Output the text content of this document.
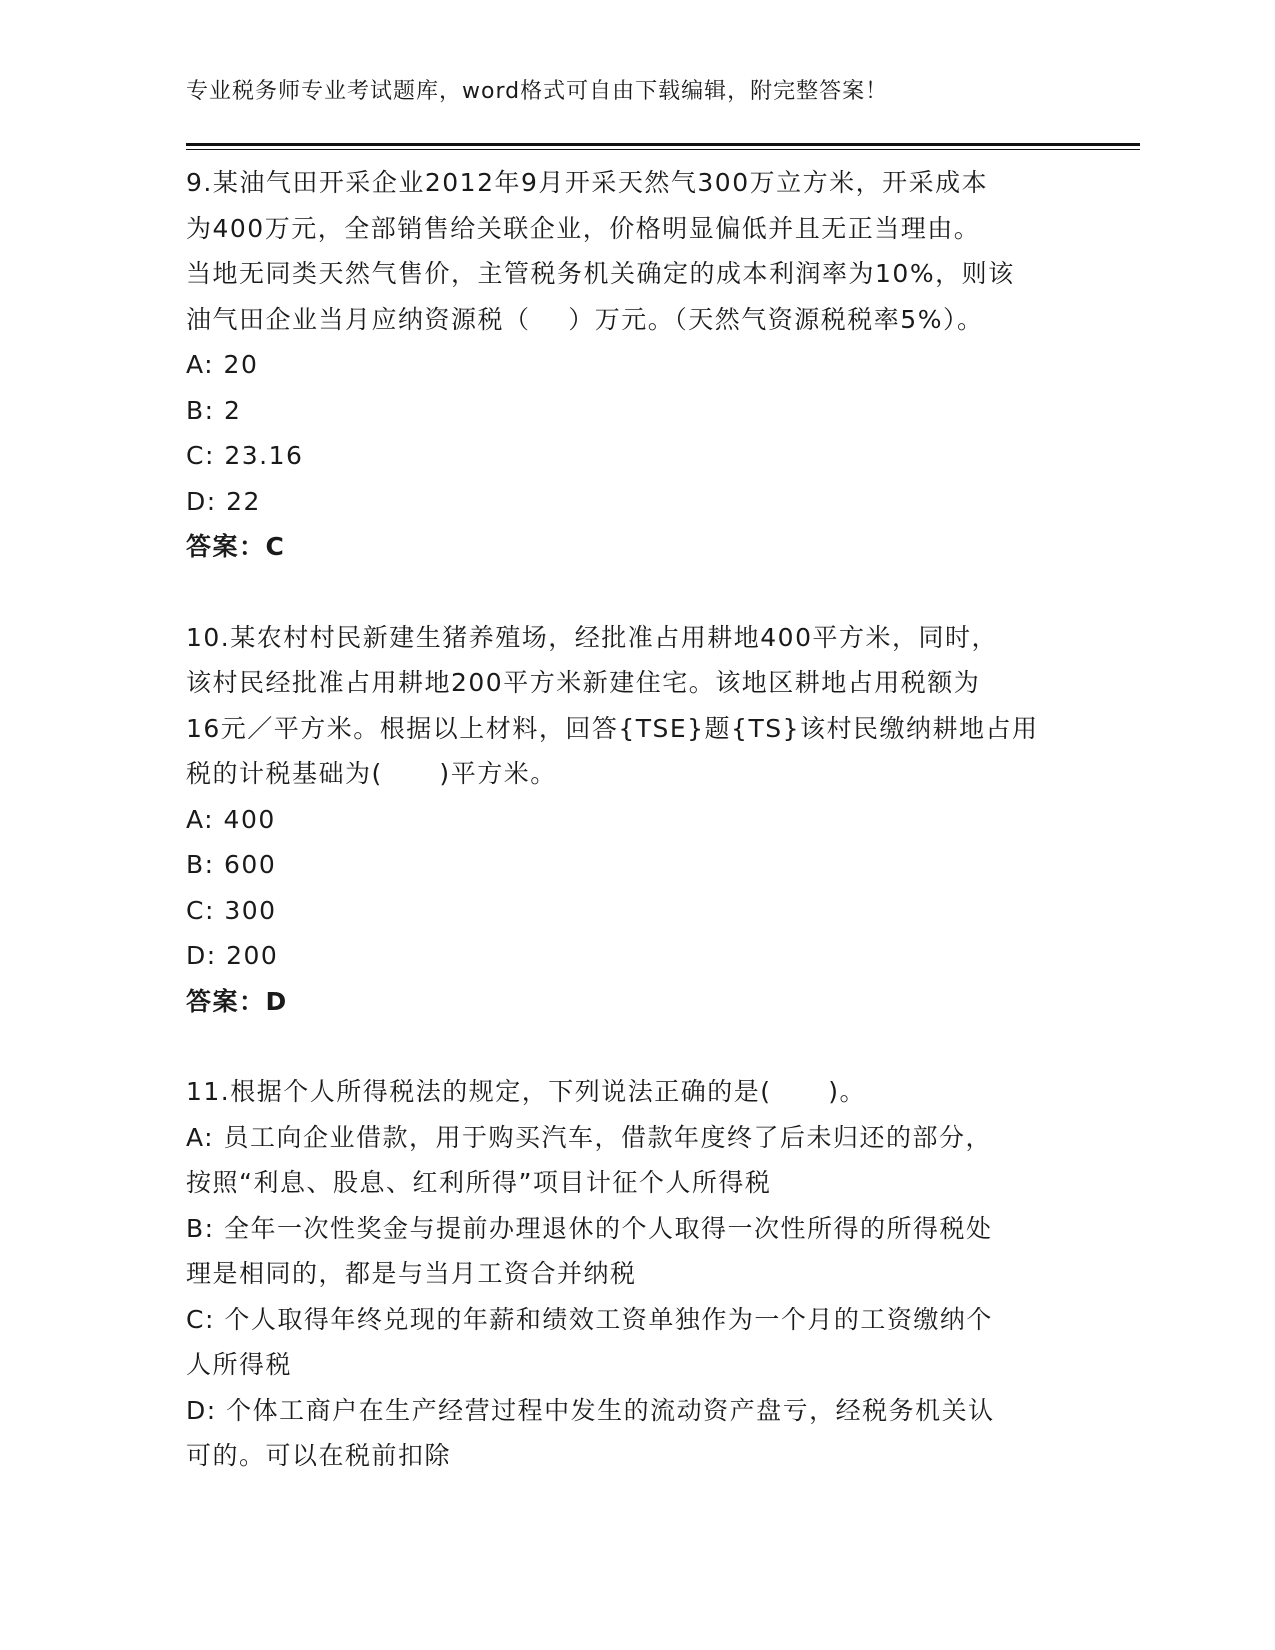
专业税务师专业考试题库，word格式可自由下载编辑，附完整答案！
9.某油气田开采企业2012年9月开采天然气300万立方米，开采成本
为400万元，全部销售给关联企业，价格明显偏低并且无正当理由。
当地无同类天然气售价，主管税务机关确定的成本利润率为10%，则该
油气田企业当月应纳资源税（    ）万元。（天然气资源税税率5%）。
A: 20
B: 2
C: 23.16
D: 22
答案：C
10.某农村村民新建生猪养殖场，经批准占用耕地400平方米，同时，
该村民经批准占用耕地200平方米新建住宅。该地区耕地占用税额为
16元／平方米。根据以上材料，回答{TSE}题{TS}该村民缴纳耕地占用
税的计税基础为(      )平方米。
A: 400
B: 600
C: 300
D: 200
答案：D
11.根据个人所得税法的规定，下列说法正确的是(      )。
A: 员工向企业借款，用于购买汽车，借款年度终了后未归还的部分，
按照“利息、股息、红利所得”项目计征个人所得税
B: 全年一次性奖金与提前办理退休的个人取得一次性所得的所得税处
理是相同的，都是与当月工资合并纳税
C: 个人取得年终兑现的年薪和绩效工资单独作为一个月的工资缴纳个
人所得税
D: 个体工商户在生产经营过程中发生的流动资产盘亏，经税务机关认
可的。可以在税前扣除
